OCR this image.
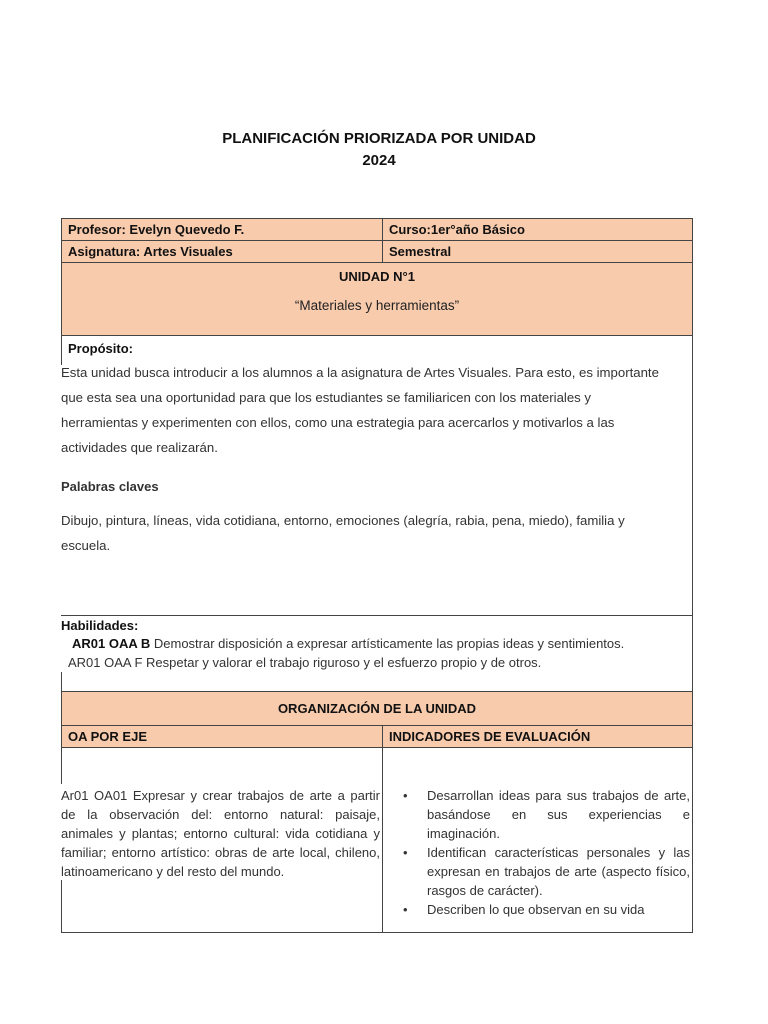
PLANIFICACIÓN PRIORIZADA POR UNIDAD
2024
Profesor: Evelyn Quevedo F.	Curso:1er°año Básico
Asignatura: Artes Visuales	Semestral
UNIDAD N°1
“Materiales y herramientas”
Propósito:
Esta unidad busca introducir a los alumnos a la asignatura de Artes Visuales. Para esto, es importante
que esta sea una oportunidad para que los estudiantes se familiaricen con los materiales y
herramientas y experimenten con ellos, como una estrategia para acercarlos y motivarlos a las
actividades que realizarán.
Palabras claves
Dibujo, pintura, líneas, vida cotidiana, entorno, emociones (alegría, rabia, pena, miedo), familia y
escuela.
Habilidades:
AR01 OAA B Demostrar disposición a expresar artísticamente las propias ideas y sentimientos.
AR01 OAA F Respetar y valorar el trabajo riguroso y el esfuerzo propio y de otros.
ORGANIZACIÓN DE LA UNIDAD
OA POR EJE	INDICADORES DE EVALUACIÓN
Ar01 OA01 Expresar y crear trabajos de arte a partir de la observación del: entorno natural: paisaje, animales y plantas; entorno cultural: vida cotidiana y familiar; entorno artístico: obras de arte local, chileno, latinoamericano y del resto del mundo.
• Desarrollan ideas para sus trabajos de arte, basándose en sus experiencias e imaginación.
• Identifican características personales y las expresan en trabajos de arte (aspecto físico, rasgos de carácter).
• Describen lo que observan en su vida
